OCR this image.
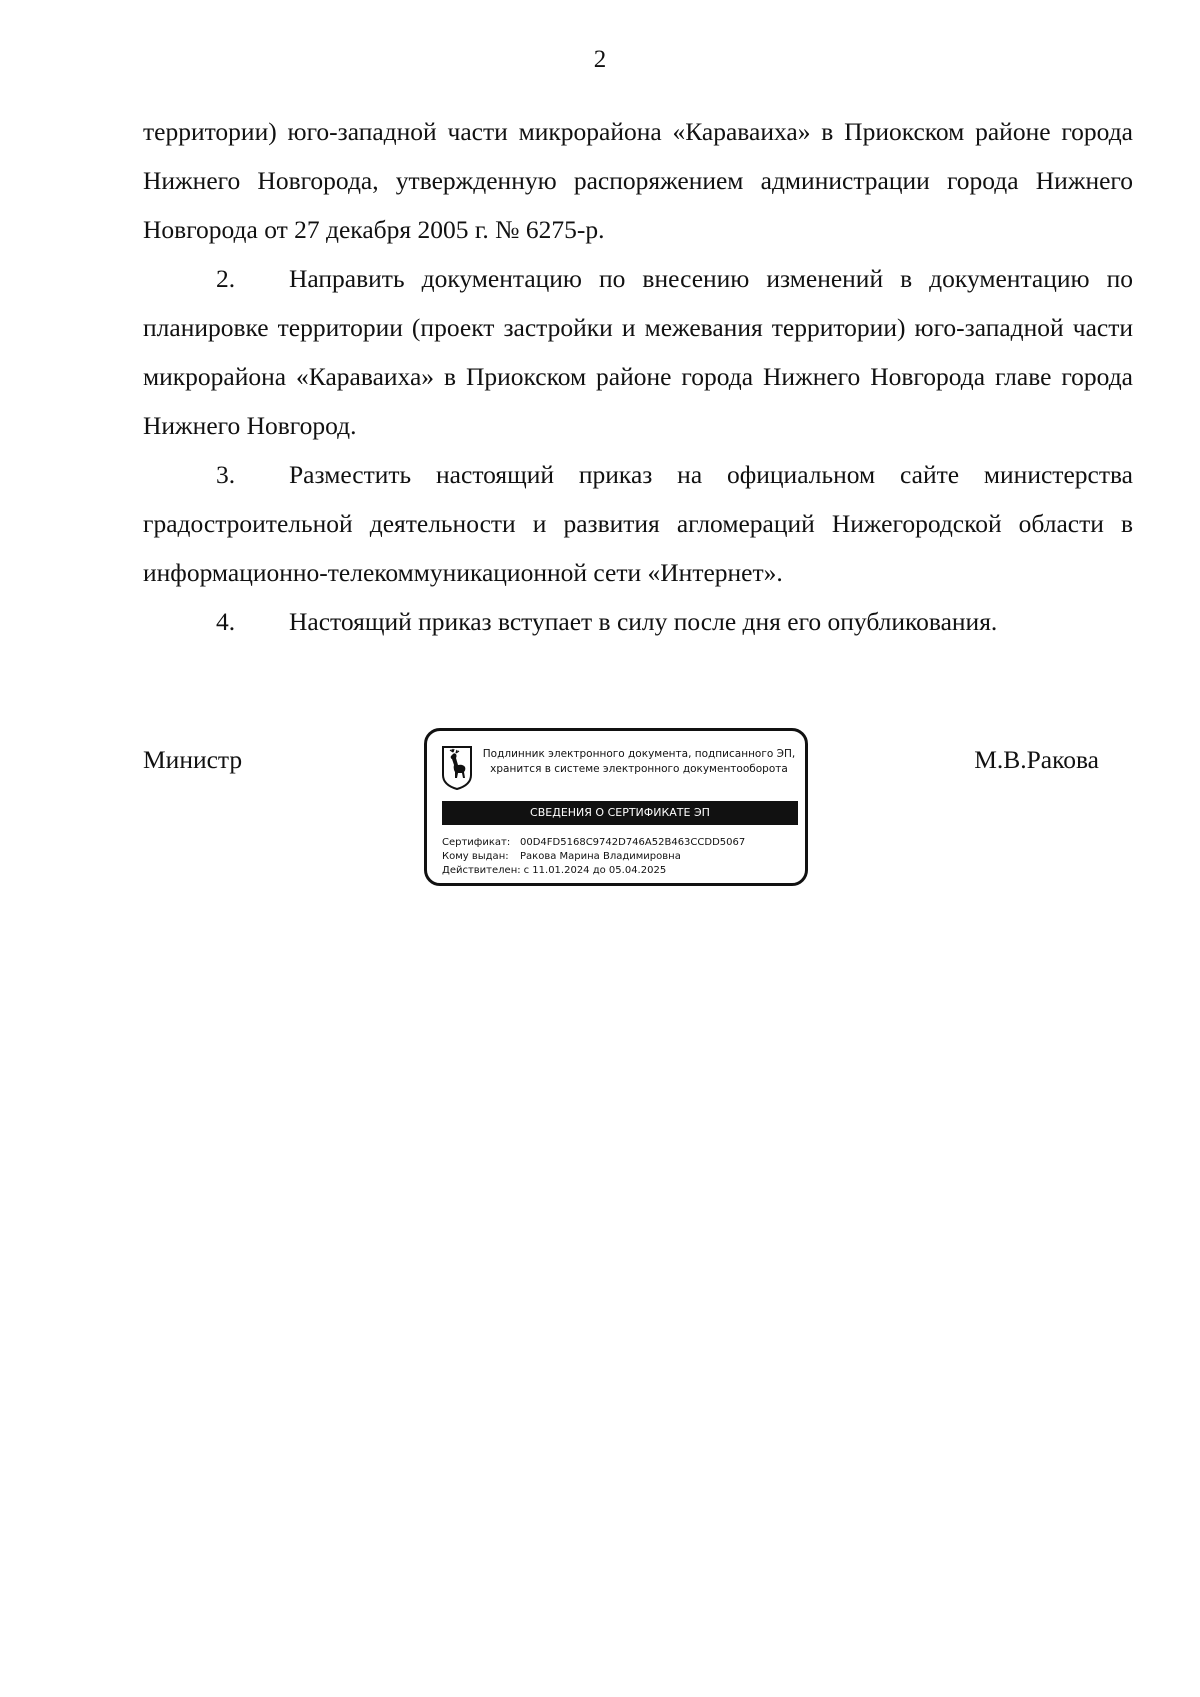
2

территории) юго-западной части микрорайона «Караваиха» в Приокском районе города Нижнего Новгорода, утвержденную распоряжением администрации города Нижнего Новгорода от 27 декабря 2005 г. № 6275-р.

2. Направить документацию по внесению изменений в документацию по планировке территории (проект застройки и межевания территории) юго-западной части микрорайона «Караваиха» в Приокском районе города Нижнего Новгорода главе города Нижнего Новгород.

3. Разместить настоящий приказ на официальном сайте министерства градостроительной деятельности и развития агломераций Нижегородской области в информационно-телекоммуникационной сети «Интернет».

4. Настоящий приказ вступает в силу после дня его опубликования.

Министр	М.В.Ракова
Подлинник электронного документа, подписанного ЭП,
хранится в системе электронного документооборота
СВЕДЕНИЯ О СЕРТИФИКАТЕ ЭП
Сертификат: 00D4FD5168C9742D746A52B463CCDD5067
Кому выдан: Ракова Марина Владимировна
Действителен: с 11.01.2024 до 05.04.2025
